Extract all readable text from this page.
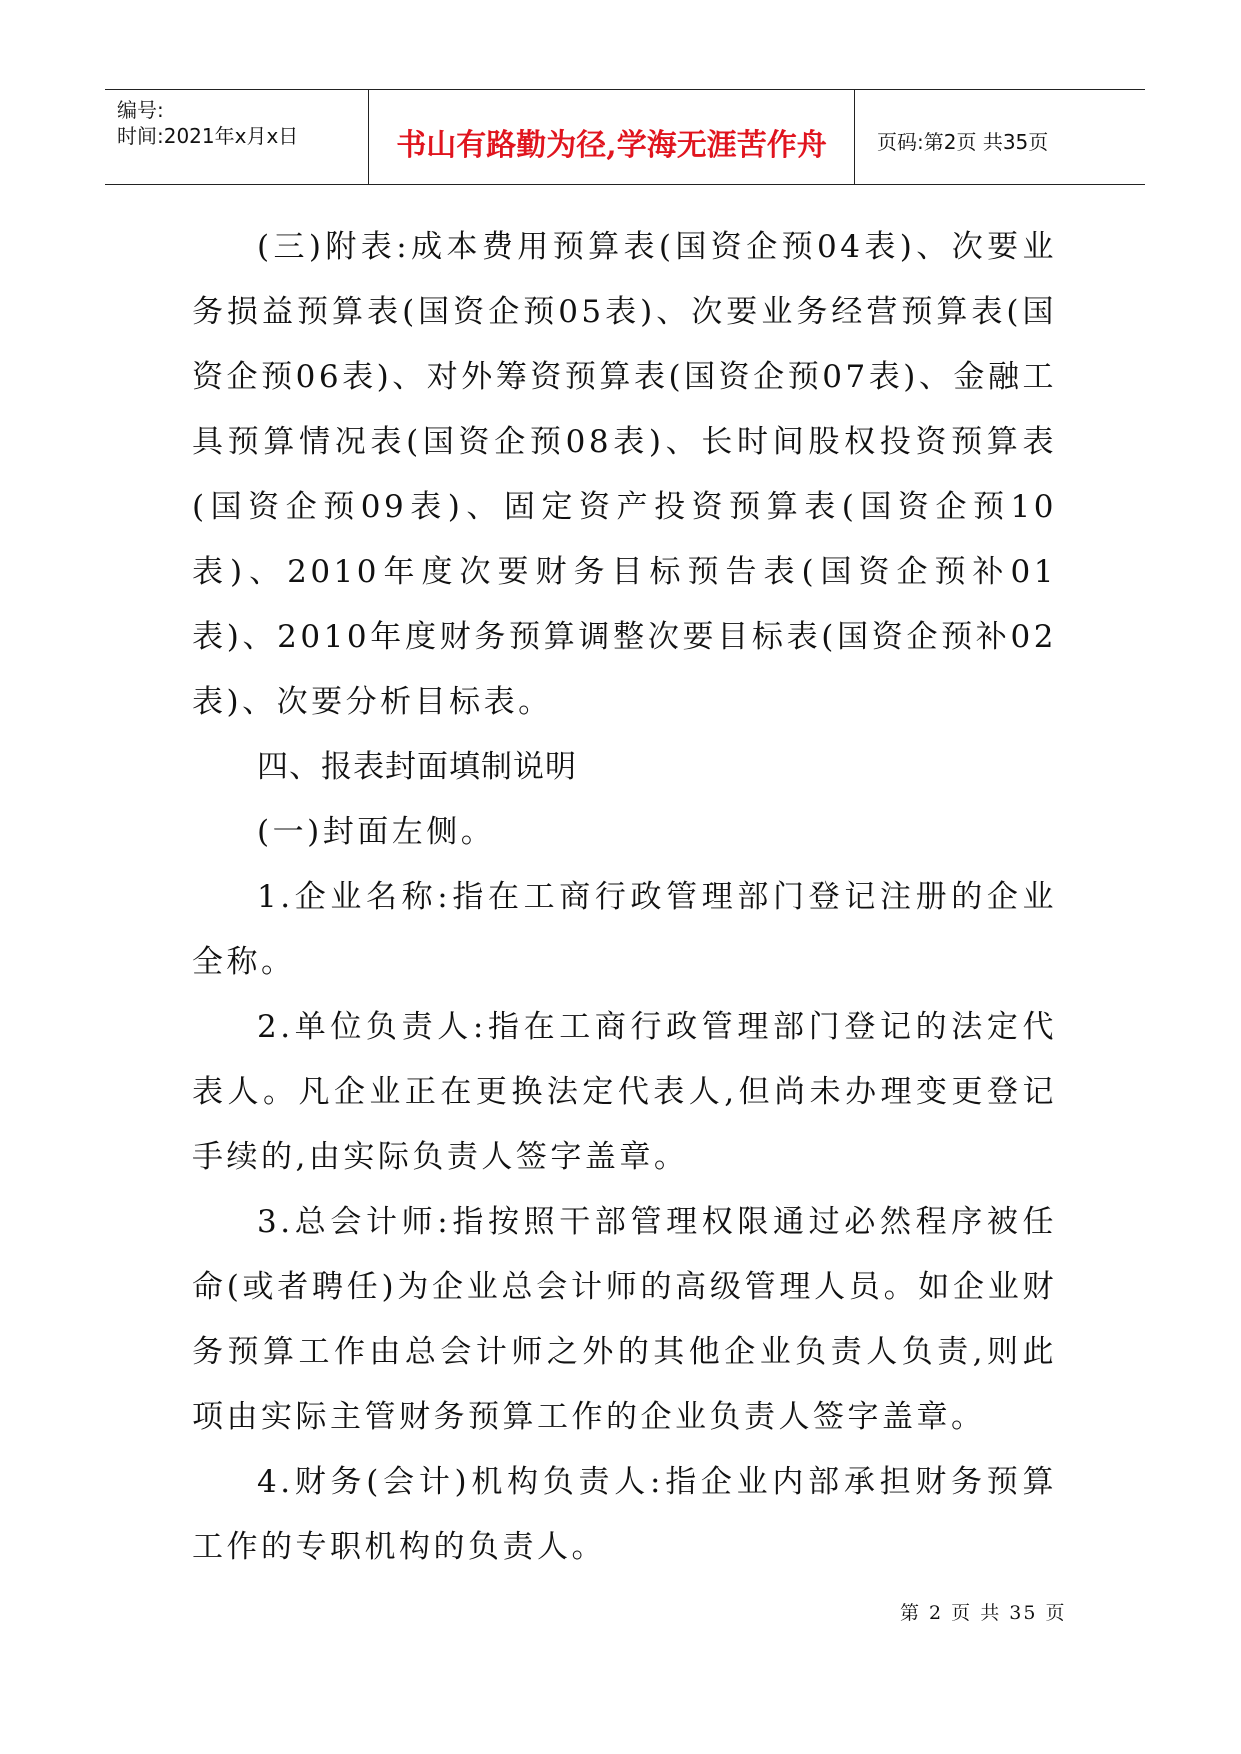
编号:
时间:2021年x月x日	书山有路勤为径,学海无涯苦作舟	页码:第2页 共35页

(三)附表:成本费用预算表(国资企预04表)、次要业务损益预算表(国资企预05表)、次要业务经营预算表(国资企预06表)、对外筹资预算表(国资企预07表)、金融工具预算情况表(国资企预08表)、长时间股权投资预算表(国资企预09表)、固定资产投资预算表(国资企预10表)、2010年度次要财务目标预告表(国资企预补01表)、2010年度财务预算调整次要目标表(国资企预补02表)、次要分析目标表。

四、报表封面填制说明

(一)封面左侧。

1.企业名称:指在工商行政管理部门登记注册的企业全称。

2.单位负责人:指在工商行政管理部门登记的法定代表人。凡企业正在更换法定代表人,但尚未办理变更登记手续的,由实际负责人签字盖章。

3.总会计师:指按照干部管理权限通过必然程序被任命(或者聘任)为企业总会计师的高级管理人员。如企业财务预算工作由总会计师之外的其他企业负责人负责,则此项由实际主管财务预算工作的企业负责人签字盖章。

4.财务(会计)机构负责人:指企业内部承担财务预算工作的专职机构的负责人。

第 2 页 共 35 页
